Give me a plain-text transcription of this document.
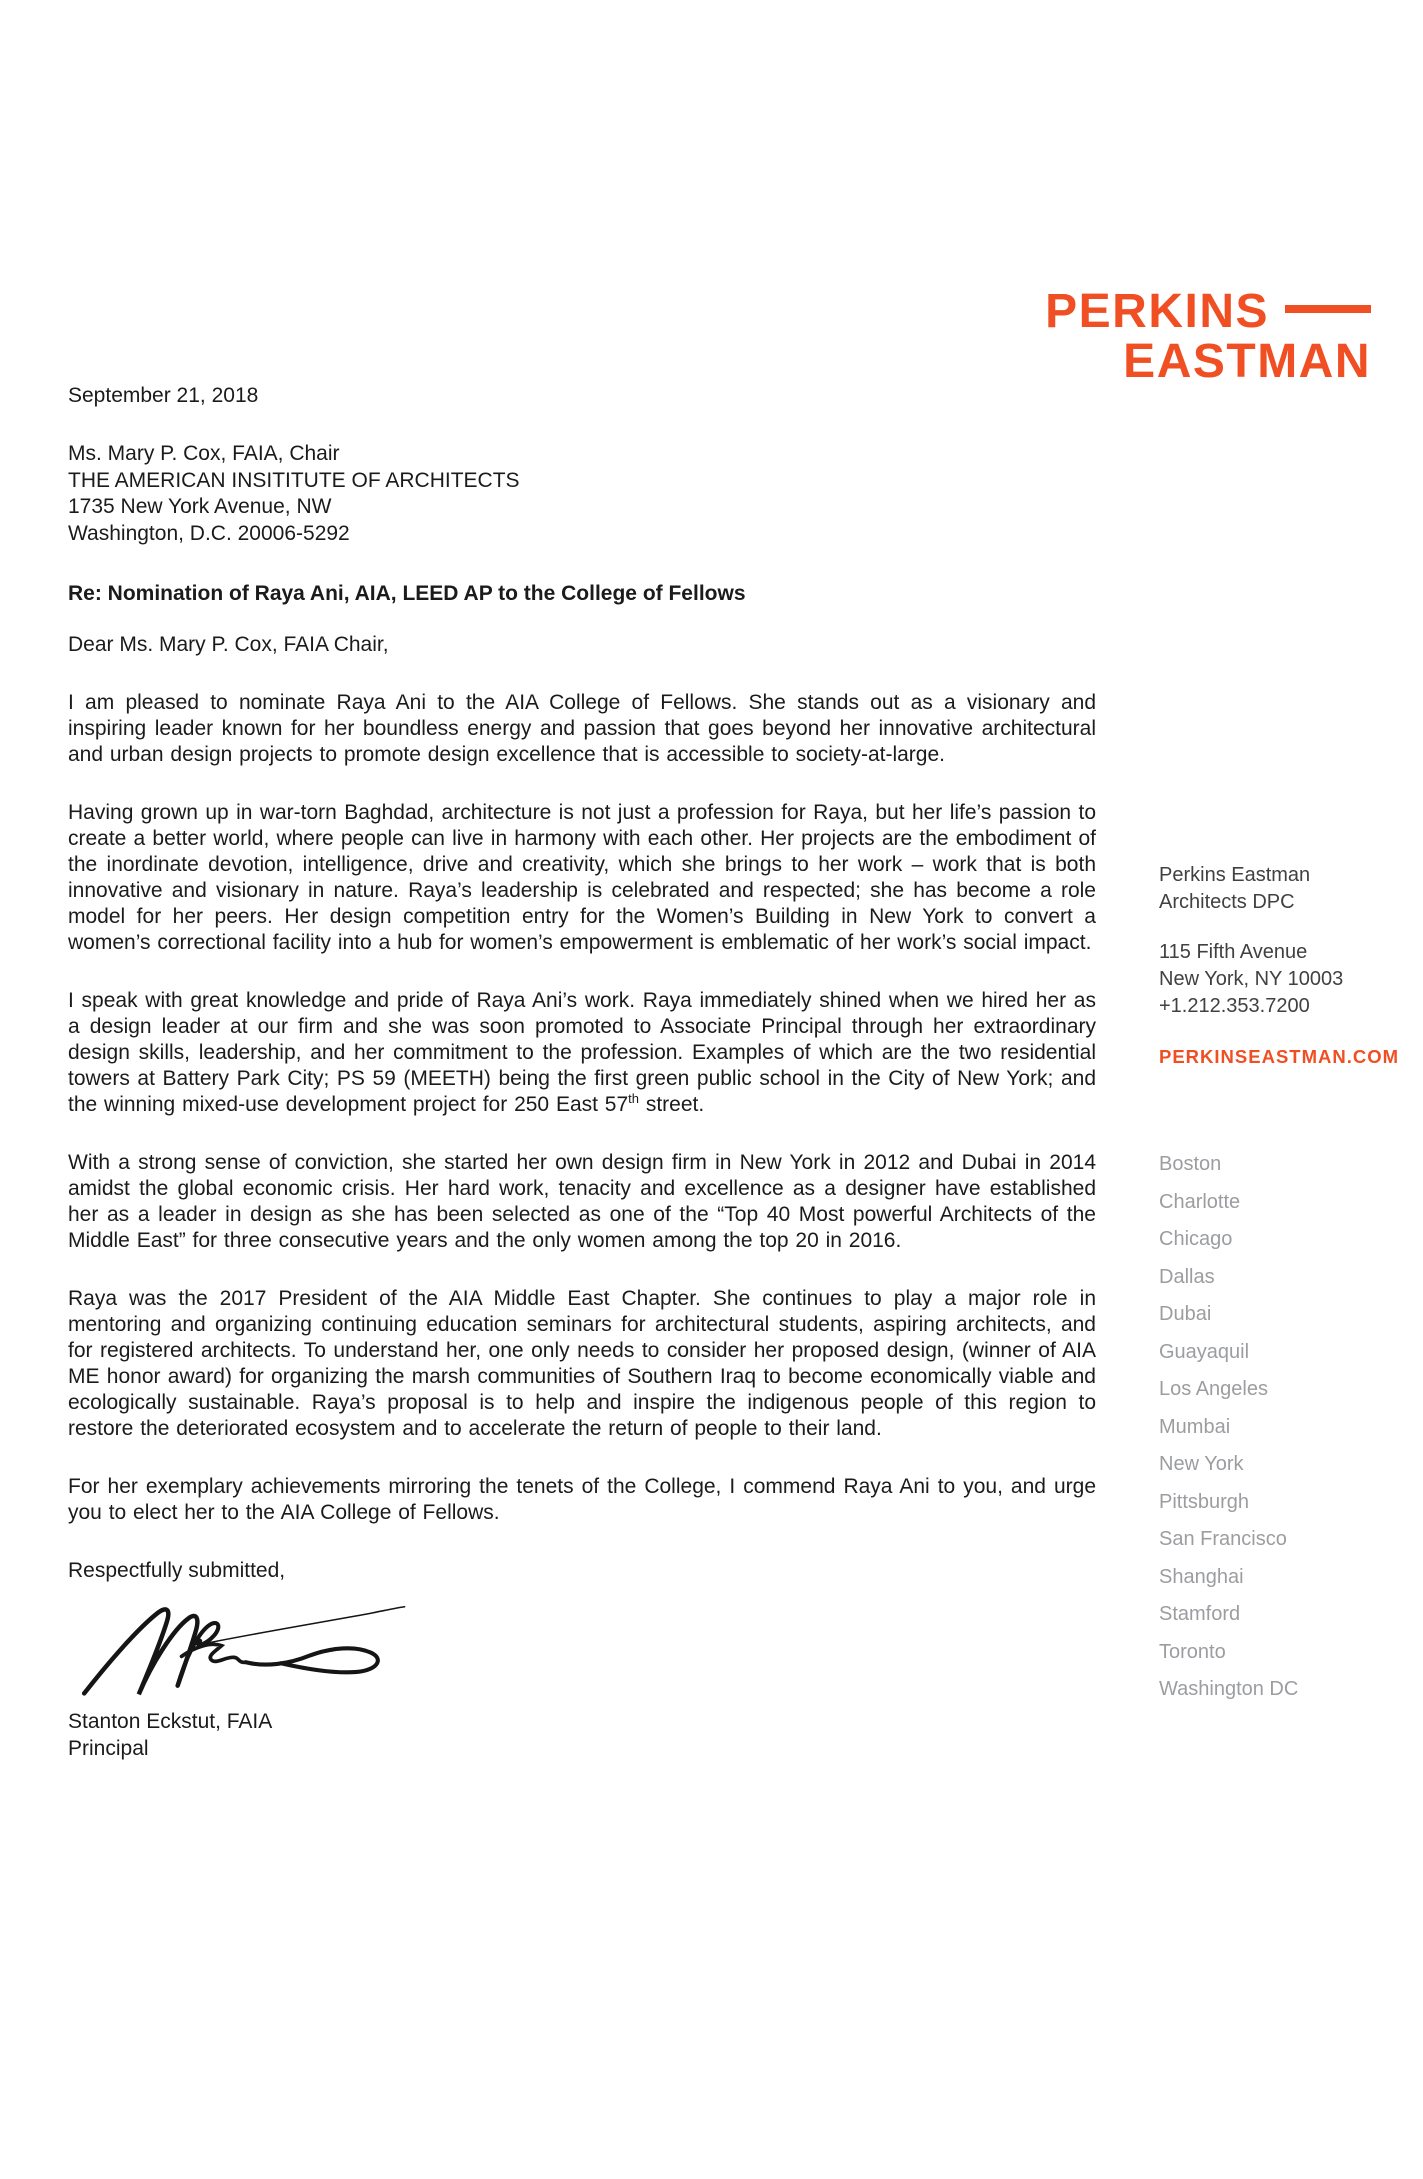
PERKINS
EASTMAN
September 21, 2018
Ms. Mary P. Cox, FAIA, Chair
THE AMERICAN INSITITUTE OF ARCHITECTS
1735 New York Avenue, NW
Washington, D.C. 20006-5292
Re: Nomination of Raya Ani, AIA, LEED AP to the College of Fellows
Dear Ms. Mary P. Cox, FAIA Chair,

I am pleased to nominate Raya Ani to the AIA College of Fellows. She stands out as a visionary and inspiring leader known for her boundless energy and passion that goes beyond her innovative architectural and urban design projects to promote design excellence that is accessible to society-at-large.

Having grown up in war-torn Baghdad, architecture is not just a profession for Raya, but her life’s passion to create a better world, where people can live in harmony with each other. Her projects are the embodiment of the inordinate devotion, intelligence, drive and creativity, which she brings to her work – work that is both innovative and visionary in nature. Raya’s leadership is celebrated and respected; she has become a role model for her peers. Her design competition entry for the Women’s Building in New York to convert a women’s correctional facility into a hub for women’s empowerment is emblematic of her work’s social impact.

I speak with great knowledge and pride of Raya Ani’s work. Raya immediately shined when we hired her as a design leader at our firm and she was soon promoted to Associate Principal through her extraordinary design skills, leadership, and her commitment to the profession. Examples of which are the two residential towers at Battery Park City; PS 59 (MEETH) being the first green public school in the City of New York; and the winning mixed-use development project for 250 East 57th street.

With a strong sense of conviction, she started her own design firm in New York in 2012 and Dubai in 2014 amidst the global economic crisis. Her hard work, tenacity and excellence as a designer have established her as a leader in design as she has been selected as one of the “Top 40 Most powerful Architects of the Middle East” for three consecutive years and the only women among the top 20 in 2016.

Raya was the 2017 President of the AIA Middle East Chapter. She continues to play a major role in mentoring and organizing continuing education seminars for architectural students, aspiring architects, and for registered architects. To understand her, one only needs to consider her proposed design, (winner of AIA ME honor award) for organizing the marsh communities of Southern Iraq to become economically viable and ecologically sustainable. Raya’s proposal is to help and inspire the indigenous people of this region to restore the deteriorated ecosystem and to accelerate the return of people to their land.

For her exemplary achievements mirroring the tenets of the College, I commend Raya Ani to you, and urge you to elect her to the AIA College of Fellows.

Respectfully submitted,
Stanton Eckstut, FAIA
Principal
Perkins Eastman
Architects DPC
115 Fifth Avenue
New York, NY 10003
+1.212.353.7200
PERKINSEASTMAN.COM
Boston
Charlotte
Chicago
Dallas
Dubai
Guayaquil
Los Angeles
Mumbai
New York
Pittsburgh
San Francisco
Shanghai
Stamford
Toronto
Washington DC
